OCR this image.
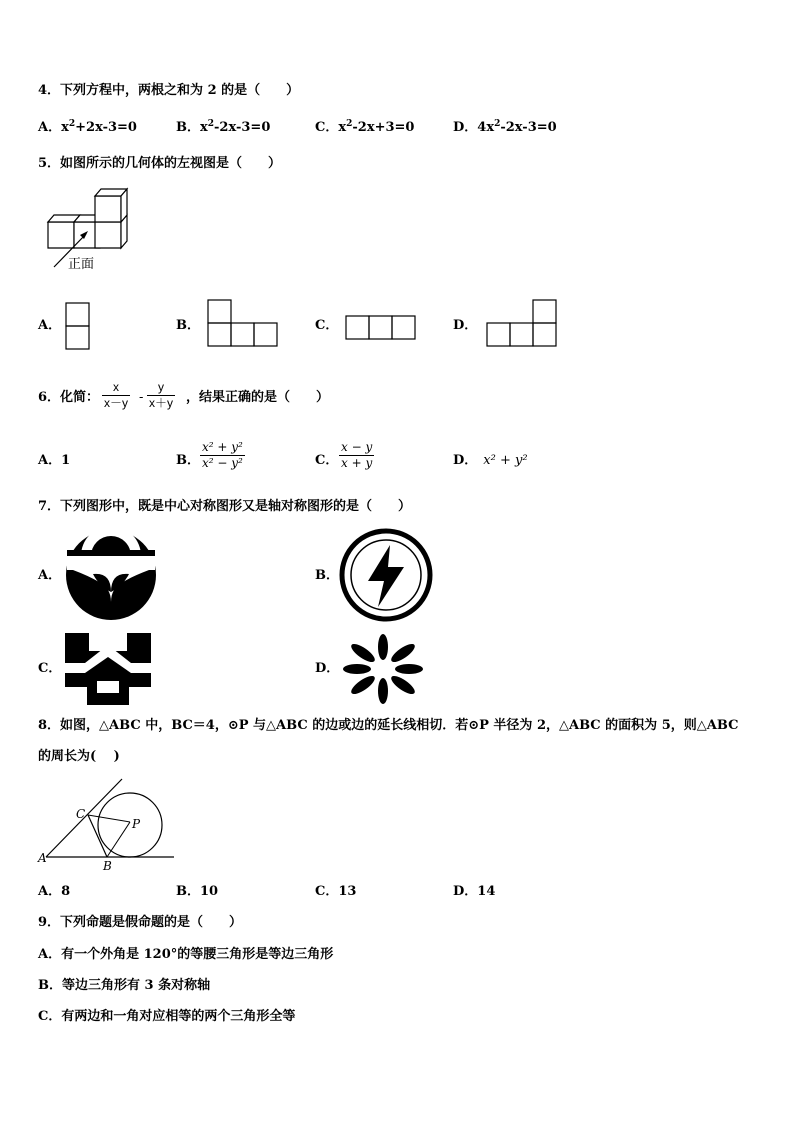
4．下列方程中，两根之和为 2 的是（　　）
A．$x^2+2x-3=0$	B．$x^2-2x-3=0$	C．$x^2-2x+3=0$	D．$4x^2-2x-3=0$
5．如图所示的几何体的左视图是（　　）
正面
A．	B．	C．	D．
6．化简： $\frac{x}{x-y} - \frac{y}{x+y}$ ，结果正确的是（　　）
A．1	B． $\frac{\text{x² + y²}}{\text{x² − y²}}$	C． $\frac{x - y}{x + y}$	D． x² + y²
7．下列图形中，既是中心对称图形又是轴对称图形的是（　　）
A．	B．
C．	D．
8．如图，△ABC 中，BC＝4，⊙P 与△ABC 的边或边的延长线相切．若⊙P 半径为 2，△ABC 的面积为 5，则△ABC
的周长为(　 )
A
B
C
P
A．8	B．10	C．13	D．14
9．下列命题是假命题的是（　　）
A．有一个外角是 120°的等腰三角形是等边三角形
B．等边三角形有 3 条对称轴
C．有两边和一角对应相等的两个三角形全等
